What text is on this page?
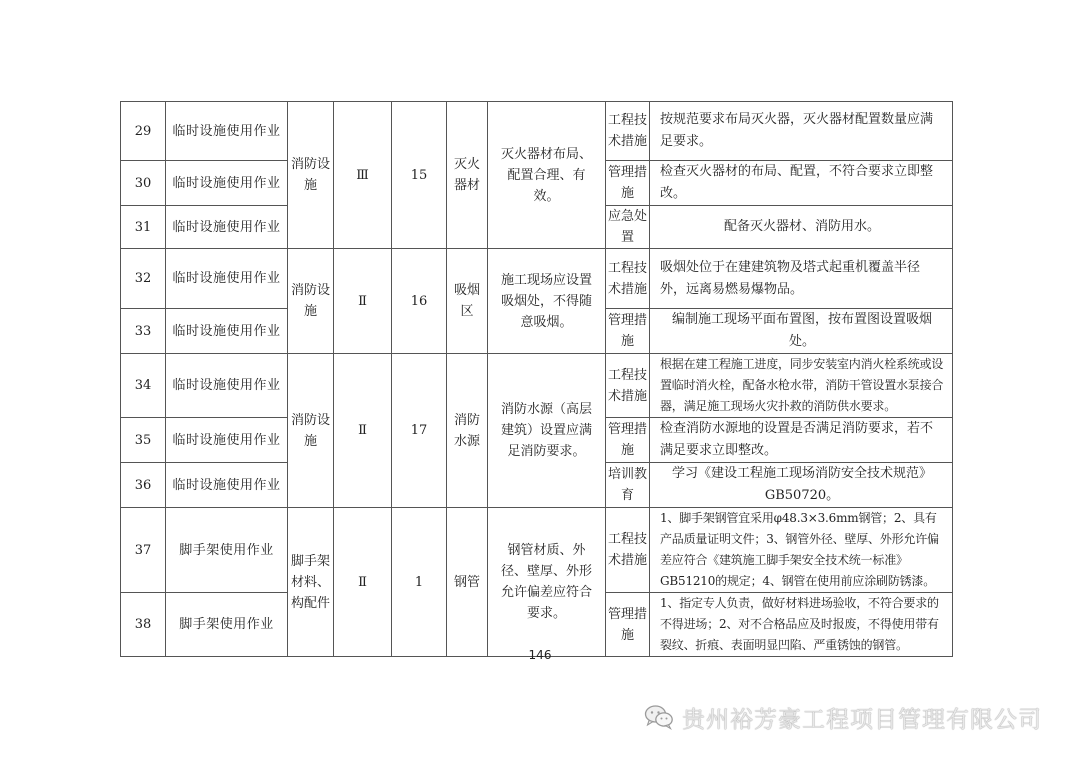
29	临时设施使用作业	消防设施	Ⅲ	15	灭火器材	灭火器材布局、配置合理、有效。	工程技术措施	按规范要求布局灭火器，灭火器材配置数量应满足要求。
30	临时设施使用作业						管理措施	检查灭火器材的布局、配置，不符合要求立即整改。
31	临时设施使用作业						应急处置	配备灭火器材、消防用水。
32	临时设施使用作业	消防设施	Ⅱ	16	吸烟区	施工现场应设置吸烟处，不得随意吸烟。	工程技术措施	吸烟处位于在建建筑物及塔式起重机覆盖半径外，远离易燃易爆物品。
33	临时设施使用作业						管理措施	编制施工现场平面布置图，按布置图设置吸烟处。
34	临时设施使用作业	消防设施	Ⅱ	17	消防水源	消防水源（高层建筑）设置应满足消防要求。	工程技术措施	根据在建工程施工进度，同步安装室内消火栓系统或设置临时消火栓，配备水枪水带，消防干管设置水泵接合器，满足施工现场火灾扑救的消防供水要求。
35	临时设施使用作业						管理措施	检查消防水源地的设置是否满足消防要求，若不满足要求立即整改。
36	临时设施使用作业						培训教育	学习《建设工程施工现场消防安全技术规范》GB50720。
37	脚手架使用作业	脚手架材料、构配件	Ⅱ	1	钢管	钢管材质、外径、壁厚、外形允许偏差应符合要求。	工程技术措施	1、脚手架钢管宜采用φ48.3×3.6mm钢管；2、具有产品质量证明文件；3、钢管外径、壁厚、外形允许偏差应符合《建筑施工脚手架安全技术统一标准》GB51210的规定；4、钢管在使用前应涂刷防锈漆。
38	脚手架使用作业						管理措施	1、指定专人负责，做好材料进场验收，不符合要求的不得进场；2、对不合格品应及时报废，不得使用带有裂纹、折痕、表面明显凹陷、严重锈蚀的钢管。
146
贵州裕芳豪工程项目管理有限公司
